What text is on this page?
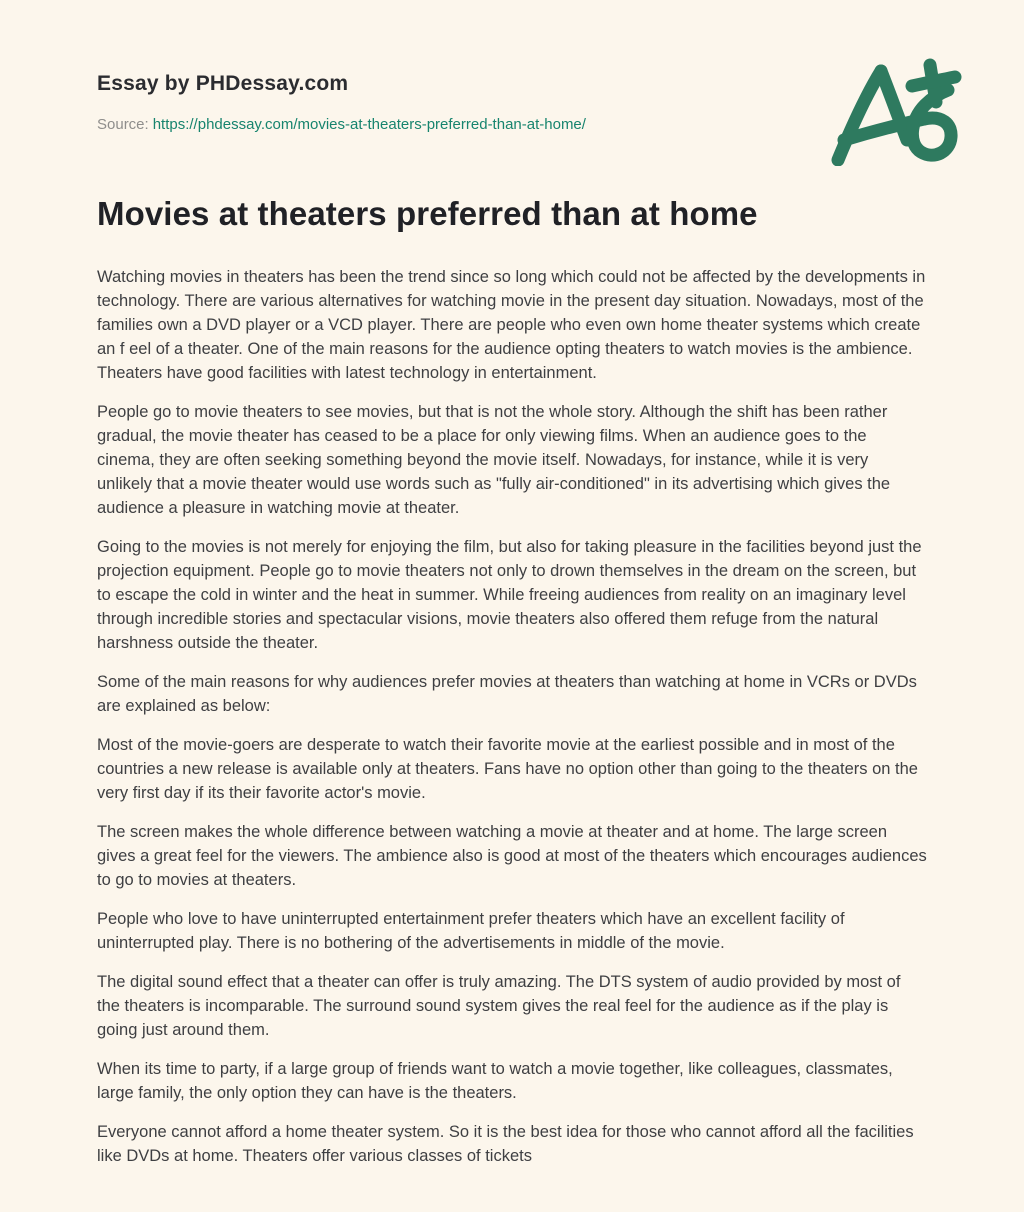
Essay by PHDessay.com
Source: https://phdessay.com/movies-at-theaters-preferred-than-at-home/
Movies at theaters preferred than at home

Watching movies in theaters has been the trend since so long which could not be affected by the developments in technology. There are various alternatives for watching movie in the present day situation. Nowadays, most of the families own a DVD player or a VCD player. There are people who even own home theater systems which create an f eel of a theater. One of the main reasons for the audience opting theaters to watch movies is the ambience. Theaters have good facilities with latest technology in entertainment.

People go to movie theaters to see movies, but that is not the whole story. Although the shift has been rather gradual, the movie theater has ceased to be a place for only viewing films. When an audience goes to the cinema, they are often seeking something beyond the movie itself. Nowadays, for instance, while it is very unlikely that a movie theater would use words such as "fully air-conditioned" in its advertising which gives the audience a pleasure in watching movie at theater.

Going to the movies is not merely for enjoying the film, but also for taking pleasure in the facilities beyond just the projection equipment. People go to movie theaters not only to drown themselves in the dream on the screen, but to escape the cold in winter and the heat in summer. While freeing audiences from reality on an imaginary level through incredible stories and spectacular visions, movie theaters also offered them refuge from the natural harshness outside the theater.

Some of the main reasons for why audiences prefer movies at theaters than watching at home in VCRs or DVDs are explained as below:

Most of the movie-goers are desperate to watch their favorite movie at the earliest possible and in most of the countries a new release is available only at theaters. Fans have no option other than going to the theaters on the very first day if its their favorite actor's movie.

The screen makes the whole difference between watching a movie at theater and at home. The large screen gives a great feel for the viewers. The ambience also is good at most of the theaters which encourages audiences to go to movies at theaters.

People who love to have uninterrupted entertainment prefer theaters which have an excellent facility of uninterrupted play. There is no bothering of the advertisements in middle of the movie.

The digital sound effect that a theater can offer is truly amazing. The DTS system of audio provided by most of the theaters is incomparable. The surround sound system gives the real feel for the audience as if the play is going just around them.

When its time to party, if a large group of friends want to watch a movie together, like colleagues, classmates, large family, the only option they can have is the theaters.

Everyone cannot afford a home theater system. So it is the best idea for those who cannot afford all the facilities like DVDs at home. Theaters offer various classes of tickets
